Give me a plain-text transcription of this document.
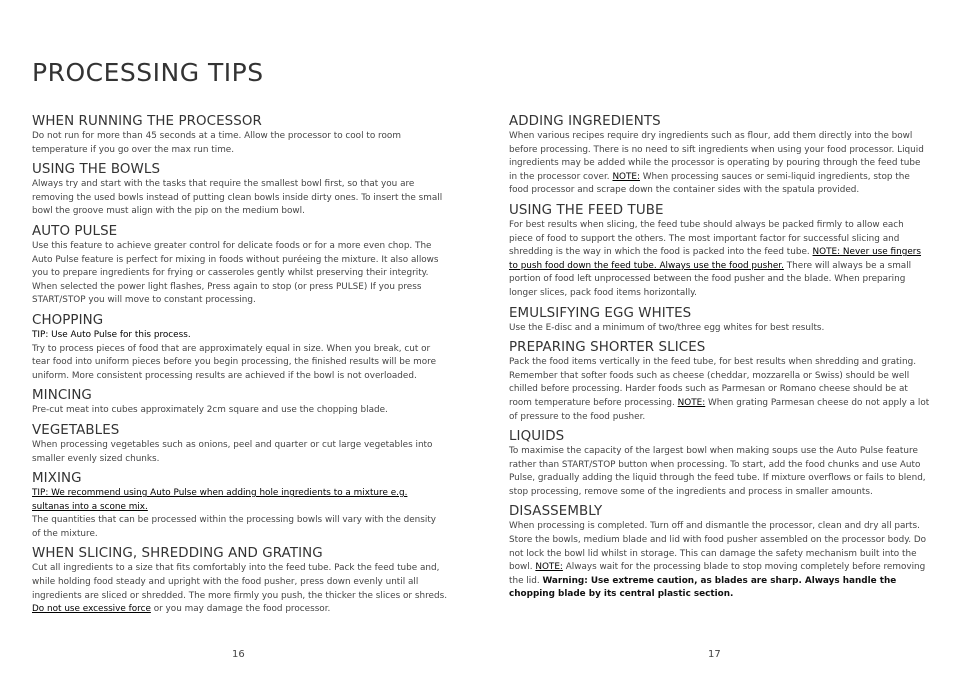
PROCESSING TIPS
WHEN RUNNING THE PROCESSOR

Do not run for more than 45 seconds at a time. Allow the processor to cool to room temperature if you go over the max run time.

USING THE BOWLS

Always try and start with the tasks that require the smallest bowl first, so that you are removing the used bowls instead of putting clean bowls inside dirty ones. To insert the small bowl the groove must align with the pip on the medium bowl.

AUTO PULSE

Use this feature to achieve greater control for delicate foods or for a more even chop. The Auto Pulse feature is perfect for mixing in foods without puréeing the mixture. It also allows you to prepare ingredients for frying or casseroles gently whilst preserving their integrity. When selected the power light flashes, Press again to stop (or press PULSE) If you press START/STOP you will move to constant processing.

CHOPPING

TIP: Use Auto Pulse for this process.

Try to process pieces of food that are approximately equal in size. When you break, cut or tear food into uniform pieces before you begin processing, the finished results will be more uniform. More consistent processing results are achieved if the bowl is not overloaded.

MINCING

Pre-cut meat into cubes approximately 2cm square and use the chopping blade.

VEGETABLES

When processing vegetables such as onions, peel and quarter or cut large vegetables into smaller evenly sized chunks.

MIXING

TIP: We recommend using Auto Pulse when adding hole ingredients to a mixture e.g. sultanas into a scone mix.

The quantities that can be processed within the processing bowls will vary with the density of the mixture.

WHEN SLICING, SHREDDING AND GRATING

Cut all ingredients to a size that fits comfortably into the feed tube. Pack the feed tube and, while holding food steady and upright with the food pusher, press down evenly until all ingredients are sliced or shredded. The more firmly you push, the thicker the slices or shreds. Do not use excessive force or you may damage the food processor.

ADDING INGREDIENTS

When various recipes require dry ingredients such as flour, add them directly into the bowl before processing. There is no need to sift ingredients when using your food processor. Liquid ingredients may be added while the processor is operating by pouring through the feed tube in the processor cover. NOTE: When processing sauces or semi-liquid ingredients, stop the food processor and scrape down the container sides with the spatula provided.

USING THE FEED TUBE

For best results when slicing, the feed tube should always be packed firmly to allow each piece of food to support the others. The most important factor for successful slicing and shredding is the way in which the food is packed into the feed tube. NOTE: Never use fingers to push food down the feed tube. Always use the food pusher. There will always be a small portion of food left unprocessed between the food pusher and the blade. When preparing longer slices, pack food items horizontally.

EMULSIFYING EGG WHITES

Use the E-disc and a minimum of two/three egg whites for best results.

PREPARING SHORTER SLICES

Pack the food items vertically in the feed tube, for best results when shredding and grating. Remember that softer foods such as cheese (cheddar, mozzarella or Swiss) should be well chilled before processing. Harder foods such as Parmesan or Romano cheese should be at room temperature before processing. NOTE: When grating Parmesan cheese do not apply a lot of pressure to the food pusher.

LIQUIDS

To maximise the capacity of the largest bowl when making soups use the Auto Pulse feature rather than START/STOP button when processing. To start, add the food chunks and use Auto Pulse, gradually adding the liquid through the feed tube. If mixture overflows or fails to blend, stop processing, remove some of the ingredients and process in smaller amounts.

DISASSEMBLY

When processing is completed. Turn off and dismantle the processor, clean and dry all parts. Store the bowls, medium blade and lid with food pusher assembled on the processor body. Do not lock the bowl lid whilst in storage. This can damage the safety mechanism built into the bowl. NOTE: Always wait for the processing blade to stop moving completely before removing the lid. Warning: Use extreme caution, as blades are sharp. Always handle the chopping blade by its central plastic section.

16	17
